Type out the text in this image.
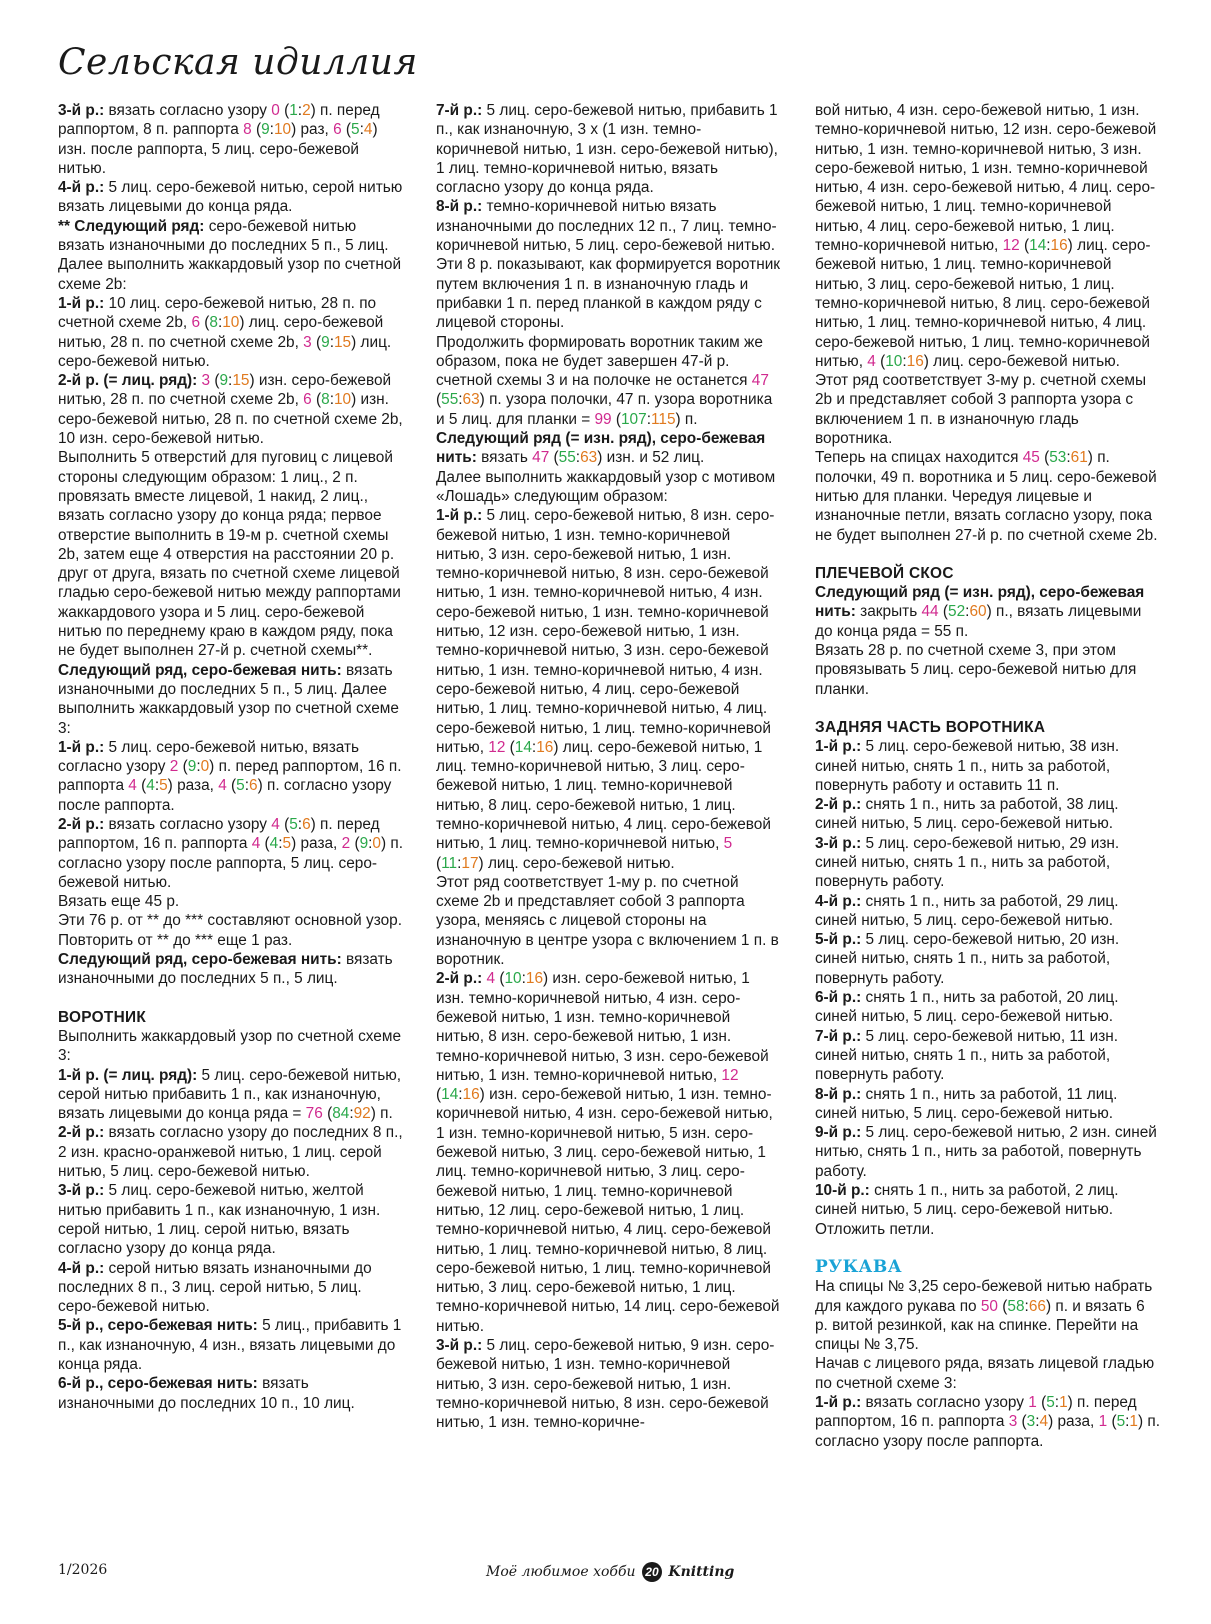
Сельская идиллия

3-й р.: вязать согласно узору 0 (1:2) п. перед раппортом, 8 п. раппорта 8 (9:10) раз, 6 (5:4) изн. после раппорта, 5 лиц. серо-бежевой нитью.

4-й р.: 5 лиц. серо-бежевой нитью, серой нитью вязать лицевыми до конца ряда.

** Следующий ряд: серо-бежевой нитью вязать изнаночными до последних 5 п., 5 лиц. Далее выполнить жаккардовый узор по счетной схеме 2b:

1-й р.: 10 лиц. серо-бежевой нитью, 28 п. по счетной схеме 2b, 6 (8:10) лиц. серо-бежевой нитью, 28 п. по счетной схеме 2b, 3 (9:15) лиц. серо-бежевой нитью.

2-й р. (= лиц. ряд): 3 (9:15) изн. серо-бежевой нитью, 28 п. по счетной схеме 2b, 6 (8:10) изн. серо-бежевой нитью, 28 п. по счетной схеме 2b, 10 изн. серо-бежевой нитью.

Выполнить 5 отверстий для пуговиц с лицевой стороны следующим образом: 1 лиц., 2 п. провязать вместе лицевой, 1 накид, 2 лиц., вязать согласно узору до конца ряда; первое отверстие выполнить в 19-м р. счетной схемы 2b, затем еще 4 отверстия на расстоянии 20 р. друг от друга, вязать по счетной схеме лицевой гладью серо-бежевой нитью между раппортами жаккардового узора и 5 лиц. серо-бежевой нитью по переднему краю в каждом ряду, пока не будет выполнен 27-й р. счетной схемы**.

Следующий ряд, серо-бежевая нить: вязать изнаночными до последних 5 п., 5 лиц. Далее выполнить жаккардовый узор по счетной схеме 3:

1-й р.: 5 лиц. серо-бежевой нитью, вязать согласно узору 2 (9:0) п. перед раппортом, 16 п. раппорта 4 (4:5) раза, 4 (5:6) п. согласно узору после раппорта.

2-й р.: вязать согласно узору 4 (5:6) п. перед раппортом, 16 п. раппорта 4 (4:5) раза, 2 (9:0) п. согласно узору после раппорта, 5 лиц. серо-бежевой нитью.

Вязать еще 45 р.

Эти 76 р. от ** до *** составляют основной узор.

Повторить от ** до *** еще 1 раз.

Следующий ряд, серо-бежевая нить: вязать изнаночными до последних 5 п., 5 лиц.

ВОРОТНИК

Выполнить жаккардовый узор по счетной схеме 3:

1-й р. (= лиц. ряд): 5 лиц. серо-бежевой нитью, серой нитью прибавить 1 п., как изнаночную, вязать лицевыми до конца ряда = 76 (84:92) п.

2-й р.: вязать согласно узору до последних 8 п., 2 изн. красно-оранжевой нитью, 1 лиц. серой нитью, 5 лиц. серо-бежевой нитью.

3-й р.: 5 лиц. серо-бежевой нитью, желтой нитью прибавить 1 п., как изнаночную, 1 изн. серой нитью, 1 лиц. серой нитью, вязать согласно узору до конца ряда.

4-й р.: серой нитью вязать изнаночными до последних 8 п., 3 лиц. серой нитью, 5 лиц. серо-бежевой нитью.

5-й р., серо-бежевая нить: 5 лиц., прибавить 1 п., как изнаночную, 4 изн., вязать лицевыми до конца ряда.

6-й р., серо-бежевая нить: вязать изнаночными до последних 10 п., 10 лиц.

7-й р.: 5 лиц. серо-бежевой нитью, прибавить 1 п., как изнаночную, 3 х (1 изн. темно-коричневой нитью, 1 изн. серо-бежевой нитью), 1 лиц. темно-коричневой нитью, вязать согласно узору до конца ряда.

8-й р.: темно-коричневой нитью вязать изнаночными до последних 12 п., 7 лиц. темно-коричневой нитью, 5 лиц. серо-бежевой нитью.

Эти 8 р. показывают, как формируется воротник путем включения 1 п. в изнаночную гладь и прибавки 1 п. перед планкой в каждом ряду с лицевой стороны.

Продолжить формировать воротник таким же образом, пока не будет завершен 47-й р. счетной схемы 3 и на полочке не останется 47 (55:63) п. узора полочки, 47 п. узора воротника и 5 лиц. для планки = 99 (107:115) п.

Следующий ряд (= изн. ряд), серо-бежевая нить: вязать 47 (55:63) изн. и 52 лиц.

Далее выполнить жаккардовый узор с мотивом «Лошадь» следующим образом:

1-й р.: 5 лиц. серо-бежевой нитью, 8 изн. серо-бежевой нитью, 1 изн. темно-коричневой нитью, 3 изн. серо-бежевой нитью, 1 изн. темно-коричневой нитью, 8 изн. серо-бежевой нитью, 1 изн. темно-коричневой нитью, 4 изн. серо-бежевой нитью, 1 изн. темно-коричневой нитью, 12 изн. серо-бежевой нитью, 1 изн. темно-коричневой нитью, 3 изн. серо-бежевой нитью, 1 изн. темно-коричневой нитью, 4 изн. серо-бежевой нитью, 4 лиц. серо-бежевой нитью, 1 лиц. темно-коричневой нитью, 4 лиц. серо-бежевой нитью, 1 лиц. темно-коричневой нитью, 12 (14:16) лиц. серо-бежевой нитью, 1 лиц. темно-коричневой нитью, 3 лиц. серо-бежевой нитью, 1 лиц. темно-коричневой нитью, 8 лиц. серо-бежевой нитью, 1 лиц. темно-коричневой нитью, 4 лиц. серо-бежевой нитью, 1 лиц. темно-коричневой нитью, 5 (11:17) лиц. серо-бежевой нитью.

Этот ряд соответствует 1-му р. по счетной схеме 2b и представляет собой 3 раппорта узора, меняясь с лицевой стороны на изнаночную в центре узора с включением 1 п. в воротник.

2-й р.: 4 (10:16) изн. серо-бежевой нитью, 1 изн. темно-коричневой нитью, 4 изн. серо-бежевой нитью, 1 изн. темно-коричневой нитью, 8 изн. серо-бежевой нитью, 1 изн. темно-коричневой нитью, 3 изн. серо-бежевой нитью, 1 изн. темно-коричневой нитью, 12 (14:16) изн. серо-бежевой нитью, 1 изн. темно-коричневой нитью, 4 изн. серо-бежевой нитью, 1 изн. темно-коричневой нитью, 5 изн. серо-бежевой нитью, 3 лиц. серо-бежевой нитью, 1 лиц. темно-коричневой нитью, 3 лиц. серо-бежевой нитью, 1 лиц. темно-коричневой нитью, 12 лиц. серо-бежевой нитью, 1 лиц. темно-коричневой нитью, 4 лиц. серо-бежевой нитью, 1 лиц. темно-коричневой нитью, 8 лиц. серо-бежевой нитью, 1 лиц. темно-коричневой нитью, 3 лиц. серо-бежевой нитью, 1 лиц. темно-коричневой нитью, 14 лиц. серо-бежевой нитью.

3-й р.: 5 лиц. серо-бежевой нитью, 9 изн. серо-бежевой нитью, 1 изн. темно-коричневой нитью, 3 изн. серо-бежевой нитью, 1 изн. темно-коричневой нитью, 8 изн. серо-бежевой нитью, 1 изн. темно-коричне-

вой нитью, 4 изн. серо-бежевой нитью, 1 изн. темно-коричневой нитью, 12 изн. серо-бежевой нитью, 1 изн. темно-коричневой нитью, 3 изн. серо-бежевой нитью, 1 изн. темно-коричневой нитью, 4 изн. серо-бежевой нитью, 4 лиц. серо-бежевой нитью, 1 лиц. темно-коричневой нитью, 4 лиц. серо-бежевой нитью, 1 лиц. темно-коричневой нитью, 12 (14:16) лиц. серо-бежевой нитью, 1 лиц. темно-коричневой нитью, 3 лиц. серо-бежевой нитью, 1 лиц. темно-коричневой нитью, 8 лиц. серо-бежевой нитью, 1 лиц. темно-коричневой нитью, 4 лиц. серо-бежевой нитью, 1 лиц. темно-коричневой нитью, 4 (10:16) лиц. серо-бежевой нитью.

Этот ряд соответствует 3-му р. счетной схемы 2b и представляет собой 3 раппорта узора с включением 1 п. в изнаночную гладь воротника.

Теперь на спицах находится 45 (53:61) п. полочки, 49 п. воротника и 5 лиц. серо-бежевой нитью для планки. Чередуя лицевые и изнаночные петли, вязать согласно узору, пока не будет выполнен 27-й р. по счетной схеме 2b.

ПЛЕЧЕВОЙ СКОС

Следующий ряд (= изн. ряд), серо-бежевая нить: закрыть 44 (52:60) п., вязать лицевыми до конца ряда = 55 п.

Вязать 28 р. по счетной схеме 3, при этом провязывать 5 лиц. серо-бежевой нитью для планки.

ЗАДНЯЯ ЧАСТЬ ВОРОТНИКА

1-й р.: 5 лиц. серо-бежевой нитью, 38 изн. синей нитью, снять 1 п., нить за работой, повернуть работу и оставить 11 п.

2-й р.: снять 1 п., нить за работой, 38 лиц. синей нитью, 5 лиц. серо-бежевой нитью.

3-й р.: 5 лиц. серо-бежевой нитью, 29 изн. синей нитью, снять 1 п., нить за работой, повернуть работу.

4-й р.: снять 1 п., нить за работой, 29 лиц. синей нитью, 5 лиц. серо-бежевой нитью.

5-й р.: 5 лиц. серо-бежевой нитью, 20 изн. синей нитью, снять 1 п., нить за работой, повернуть работу.

6-й р.: снять 1 п., нить за работой, 20 лиц. синей нитью, 5 лиц. серо-бежевой нитью.

7-й р.: 5 лиц. серо-бежевой нитью, 11 изн. синей нитью, снять 1 п., нить за работой, повернуть работу.

8-й р.: снять 1 п., нить за работой, 11 лиц. синей нитью, 5 лиц. серо-бежевой нитью.

9-й р.: 5 лиц. серо-бежевой нитью, 2 изн. синей нитью, снять 1 п., нить за работой, повернуть работу.

10-й р.: снять 1 п., нить за работой, 2 лиц. синей нитью, 5 лиц. серо-бежевой нитью. Отложить петли.

РУКАВА

На спицы № 3,25 серо-бежевой нитью набрать для каждого рукава по 50 (58:66) п. и вязать 6 р. витой резинкой, как на спинке. Перейти на спицы № 3,75.

Начав с лицевого ряда, вязать лицевой гладью по счетной схеме 3:

1-й р.: вязать согласно узору 1 (5:1) п. перед раппортом, 16 п. раппорта 3 (3:4) раза, 1 (5:1) п. согласно узору после раппорта.

1/2026	Моё любимое хобби 20 Knitting
